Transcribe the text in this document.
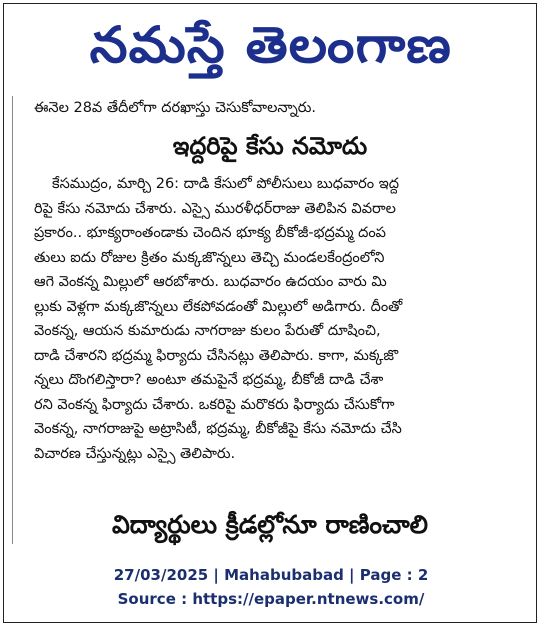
నమస్తే తెలంగాణ
ఈనెల 28వ తేదీలోగా దరఖాస్తు చెసుకోవాలన్నారు.
ఇద్దరిపై కేసు నమోదు
కేసముద్రం, మార్చి 26: దాడి కేసులో పోలీసులు బుధవారం ఇద్ద
రిపై కేసు నమోదు చేశారు. ఎస్సై మురళీధర్‌రాజు తెలిపిన వివరాల
ప్రకారం.. భూక్యరాంతండాకు చెందిన భూక్య బీకోజీ-భద్రమ్మ దంప
తులు ఐదు రోజుల క్రితం మక్కజొన్నలు తెచ్చి మండలకేంద్రంలోని
ఆగె వెంకన్న మిల్లులో ఆరబోశారు. బుధవారం ఉదయం వారు మి
ల్లుకు వెళ్లగా మక్కజొన్నలు లేకపోవడంతో మిల్లులో అడిగారు. దీంతో
వెంకన్న, ఆయన కుమారుడు నాగరాజు కులం పేరుతో దూషించి,
దాడి చేశారని భద్రమ్మ ఫిర్యాదు చేసినట్లు తెలిపారు. కాగా, మక్కజొ
న్నలు దొంగలిస్తారా? అంటూ తమపైనే భద్రమ్మ, బీకోజీ దాడి చేశా
రని వెంకన్న ఫిర్యాదు చేశారు. ఒకరిపై మరొకరు ఫిర్యాదు చేసుకోగా
వెంకన్న, నాగరాజుపై అట్రాసిటీ, భద్రమ్మ, బీకోజీపై కేసు నమోదు చేసి
విచారణ చేస్తున్నట్లు ఎస్సై తెలిపారు.
విద్యార్థులు క్రీడల్లోనూ రాణించాలి
27/03/2025 | Mahabubabad | Page : 2
Source : https://epaper.ntnews.com/
